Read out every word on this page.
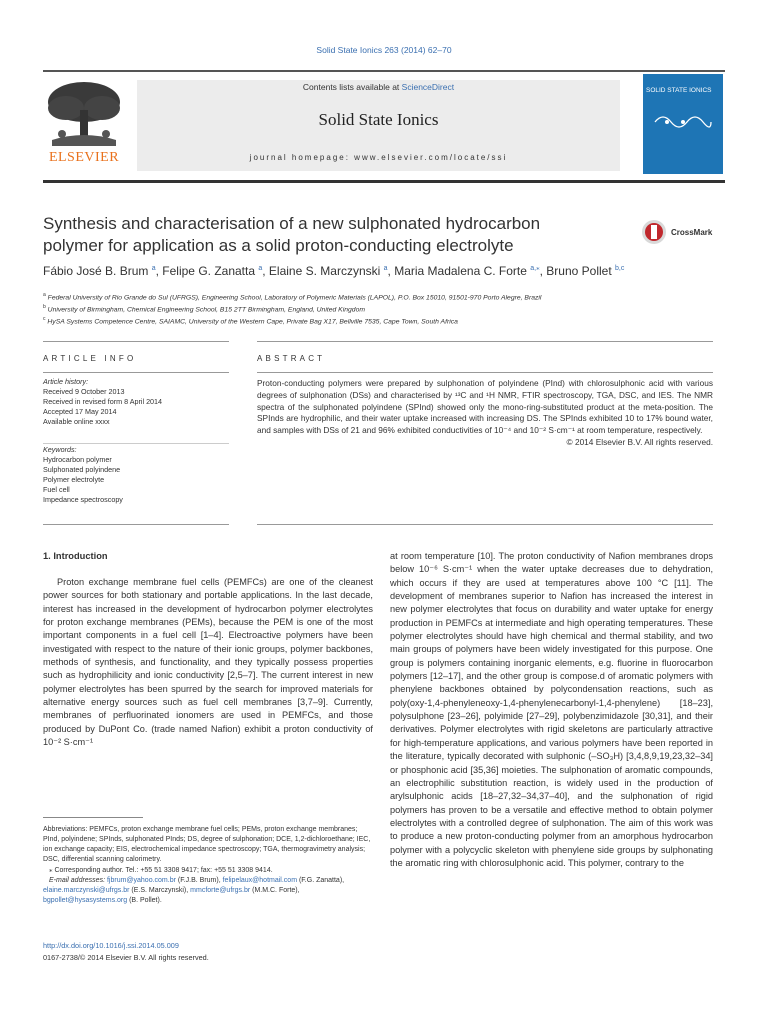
Solid State Ionics 263 (2014) 62–70
ELSEVIER
Contents lists available at ScienceDirect
Solid State Ionics
journal homepage: www.elsevier.com/locate/ssi
SOLID STATE IONICS
Synthesis and characterisation of a new sulphonated hydrocarbon polymer for application as a solid proton-conducting electrolyte
CrossMark
Fábio José B. Brum $^a$, Felipe G. Zanatta $^a$, Elaine S. Marczynski $^a$, Maria Madalena C. Forte $^{a,⁎}$, Bruno Pollet $^{b,c}$
$^a$ Federal University of Rio Grande do Sul (UFRGS), Engineering School, Laboratory of Polymeric Materials (LAPOL), P.O. Box 15010, 91501-970 Porto Alegre, Brazil
$^b$ University of Birmingham, Chemical Engineering School, B15 2TT Birmingham, England, United Kingdom
$^c$ HySA Systems Competence Centre, SAIAMC, University of the Western Cape, Private Bag X17, Bellville 7535, Cape Town, South Africa
ARTICLE INFO	ABSTRACT
Article history:
Received 9 October 2013
Received in revised form 8 April 2014
Accepted 17 May 2014
Available online xxxx
Keywords:
Hydrocarbon polymer
Sulphonated polyindene
Polymer electrolyte
Fuel cell
Impedance spectroscopy
Proton-conducting polymers were prepared by sulphonation of polyindene (PInd) with chlorosulphonic acid with various degrees of sulphonation (DSs) and characterised by ¹³C and ¹H NMR, FTIR spectroscopy, TGA, DSC, and IES. The NMR spectra of the sulphonated polyindene (SPInd) showed only the mono-ring-substituted product at the meta-position. The SPInds are hydrophilic, and their water uptake increased with increasing DS. The SPInds exhibited 10 to 17% bound water, and samples with DSs of 21 and 96% exhibited conductivities of 10⁻⁴ and 10⁻² S·cm⁻¹ at room temperature, respectively.
© 2014 Elsevier B.V. All rights reserved.
1. Introduction
Proton exchange membrane fuel cells (PEMFCs) are one of the cleanest power sources for both stationary and portable applications. In the last decade, interest has increased in the development of hydrocarbon polymer electrolytes for proton exchange membranes (PEMs), because the PEM is one of the most important components in a fuel cell [1–4]. Electroactive polymers have been investigated with respect to the nature of their ionic groups, polymer backbones, methods of synthesis, and functionality, and they typically possess properties such as hydrophilicity and ionic conductivity [2,5–7]. The current interest in new polymer electrolytes has been spurred by the search for improved materials for alternative energy sources such as fuel cell membranes [3,7–9]. Currently, membranes of perfluorinated ionomers are used in PEMFCs, and those produced by DuPont Co. (trade named Nafion) exhibit a proton conductivity of 10⁻² S·cm⁻¹
at room temperature [10]. The proton conductivity of Nafion membranes drops below 10⁻⁶ S·cm⁻¹ when the water uptake decreases due to dehydration, which occurs if they are used at temperatures above 100 °C [11]. The development of membranes superior to Nafion has increased the interest in new polymer electrolytes that focus on durability and water uptake for energy production in PEMFCs at intermediate and high operating temperatures. These polymer electrolytes should have high chemical and thermal stability, and two main groups of polymers have been widely investigated for this purpose. One group is polymers containing inorganic elements, e.g. fluorine in fluorocarbon polymers [12–17], and the other group is compose.d of aromatic polymers with phenylene backbones obtained by polycondensation reactions, such as poly(oxy-1,4-phenyleneoxy-1,4-phenylenecarbonyl-1,4-phenylene) [18–23], polysulphone [23–26], polyimide [27–29], polybenzimidazole [30,31], and their derivatives. Polymer electrolytes with rigid skeletons are particularly attractive for high-temperature applications, and various polymers have been reported in the literature, typically decorated with sulphonic (–SO₃H) [3,4,8,9,19,23,32–34] or phosphonic acid [35,36] moieties. The sulphonation of aromatic compounds, an electrophilic substitution reaction, is widely used in the production of arylsulphonic acids [18–27,32–34,37–40], and the sulphonation of rigid polymers has proven to be a versatile and effective method to obtain polymer electrolytes with a controlled degree of sulphonation. The aim of this work was to produce a new proton-conducting polymer from an amorphous hydrocarbon polymer with a polycyclic skeleton with phenylene side groups by sulphonating the aromatic ring with chlorosulphonic acid. This polymer, contrary to the
Abbreviations: PEMFCs, proton exchange membrane fuel cells; PEMs, proton exchange membranes; PInd, polyindene; SPInds, sulphonated PInds; DS, degree of sulphonation; DCE, 1,2-dichloroethane; IEC, ion exchange capacity; EIS, electrochemical impedance spectroscopy; TGA, thermogravimetry analysis; DSC, differential scanning calorimetry.
⁎ Corresponding author. Tel.: +55 51 3308 9417; fax: +55 51 3308 9414.
E-mail addresses: fjbrum@yahoo.com.br (F.J.B. Brum), felipelaux@hotmail.com (F.G. Zanatta), elaine.marczynski@ufrgs.br (E.S. Marczynski), mmcforte@ufrgs.br (M.M.C. Forte), bgpollet@hysasystems.org (B. Pollet).
http://dx.doi.org/10.1016/j.ssi.2014.05.009
0167-2738/© 2014 Elsevier B.V. All rights reserved.
